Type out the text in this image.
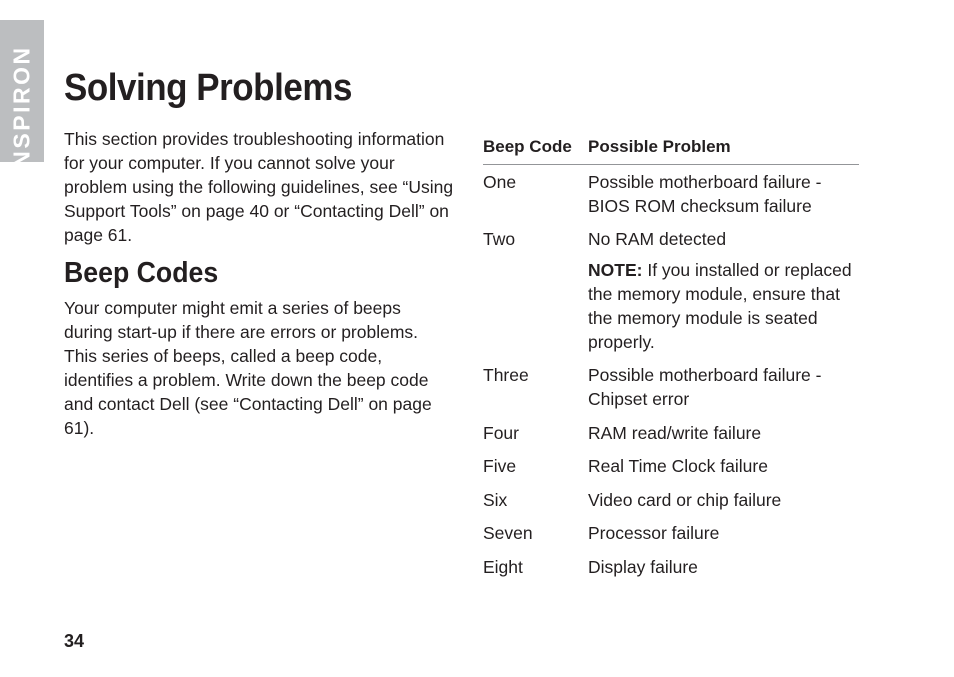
INSPIRON Solving Problems

This section provides troubleshooting information for your computer. If you cannot solve your problem using the following guidelines, see “Using Support Tools” on page 40 or “Contacting Dell” on page 61.

Beep Codes

Your computer might emit a series of beeps during start-up if there are errors or problems. This series of beeps, called a beep code, identifies a problem. Write down the beep code and contact Dell (see “Contacting Dell” on page 61).

Beep Code Possible Problem
One	Possible motherboard failure - BIOS ROM checksum failure
Two	No RAM detected
NOTE: If you installed or replaced the memory module, ensure that the memory module is seated properly.
Three	Possible motherboard failure - Chipset error
Four	RAM read/write failure
Five	Real Time Clock failure
Six	Video card or chip failure
Seven	Processor failure
Eight	Display failure
34
